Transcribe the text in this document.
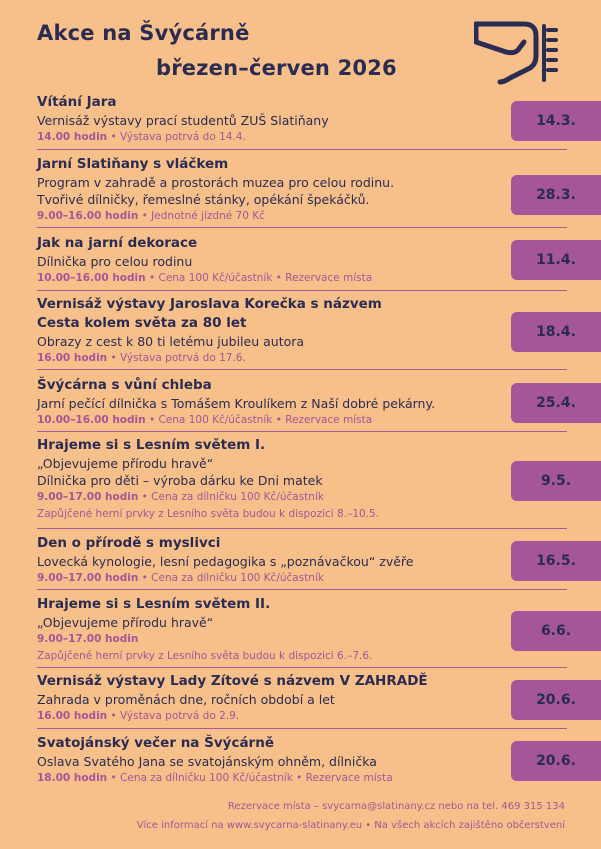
Akce na Švýcárně
březen–červen 2026
Vítání Jara
Vernisáž výstavy prací studentů ZUŠ Slatiňany
14.00 hodin • Výstava potrvá do 14.4.
Jarní Slatiňany s vláčkem
Program v zahradě a prostorách muzea pro celou rodinu.
Tvořivé dílničky, řemeslné stánky, opékání špekáčků.
9.00–16.00 hodin • Jednotné jízdné 70 Kč
Jak na jarní dekorace
Dílnička pro celou rodinu
10.00–16.00 hodin • Cena 100 Kč/účastník • Rezervace místa
Vernisáž výstavy Jaroslava Korečka s názvem
Cesta kolem světa za 80 let
Obrazy z cest k 80 ti letému jubileu autora
16.00 hodin • Výstava potrvá do 17.6.
Švýcárna s vůní chleba
Jarní pečící dílnička s Tomášem Kroulíkem z Naší dobré pekárny.
10.00–16.00 hodin • Cena 100 Kč/účastník • Rezervace místa
Hrajeme si s Lesním světem I.
„Objevujeme přírodu hravě“
Dílnička pro děti – výroba dárku ke Dni matek
9.00–17.00 hodin • Cena za dílničku 100 Kč/účastník
Zapůjčené herní prvky z Lesního světa budou k dispozici 8.–10.5.
Den o přírodě s myslivci
Lovecká kynologie, lesní pedagogika s „poznávačkou“ zvěře
9.00–17.00 hodin • Cena za dílničku 100 Kč/účastník
Hrajeme si s Lesním světem II.
„Objevujeme přírodu hravě“
9.00–17.00 hodin
Zapůjčené herní prvky z Lesního světa budou k dispozici 6.–7.6.
Vernisáž výstavy Lady Zítové s názvem V ZAHRADĚ
Zahrada v proměnách dne, ročních období a let
16.00 hodin • Výstava potrvá do 2.9.
Svatojánský večer na Švýcárně
Oslava Svatého Jana se svatojánským ohněm, dílnička
18.00 hodin • Cena za dílničku 100 Kč/účastník • Rezervace místa
14.3.
28.3.
11.4.
18.4.
25.4.
9.5.
16.5.
6.6.
20.6.
20.6.
Rezervace místa – svycarna@slatinany.cz nebo na tel. 469 315 134
Více informací na www.svycarna-slatinany.eu • Na všech akcích zajištěno občerstvení
